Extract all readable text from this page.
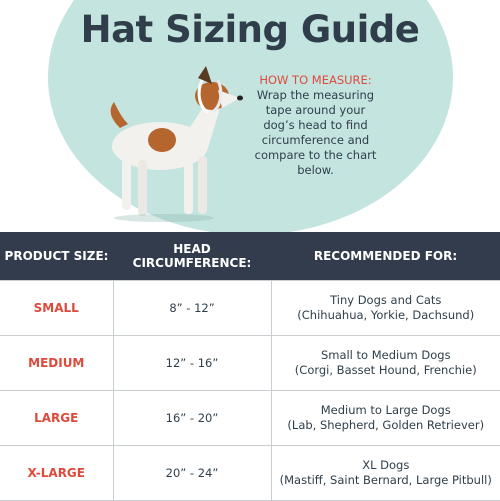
Hat Sizing Guide
HOW TO MEASURE:
Wrap the measuring tape around your dog’s head to find circumference and compare to the chart below.
PRODUCT SIZE:	HEAD CIRCUMFERENCE:	RECOMMENDED FOR:
SMALL	8” - 12”	Tiny Dogs and Cats
(Chihuahua, Yorkie, Dachsund)
MEDIUM	12” - 16”	Small to Medium Dogs
(Corgi, Basset Hound, Frenchie)
LARGE	16” - 20”	Medium to Large Dogs
(Lab, Shepherd, Golden Retriever)
X-LARGE	20” - 24”	XL Dogs
(Mastiff, Saint Bernard, Large Pitbull)
